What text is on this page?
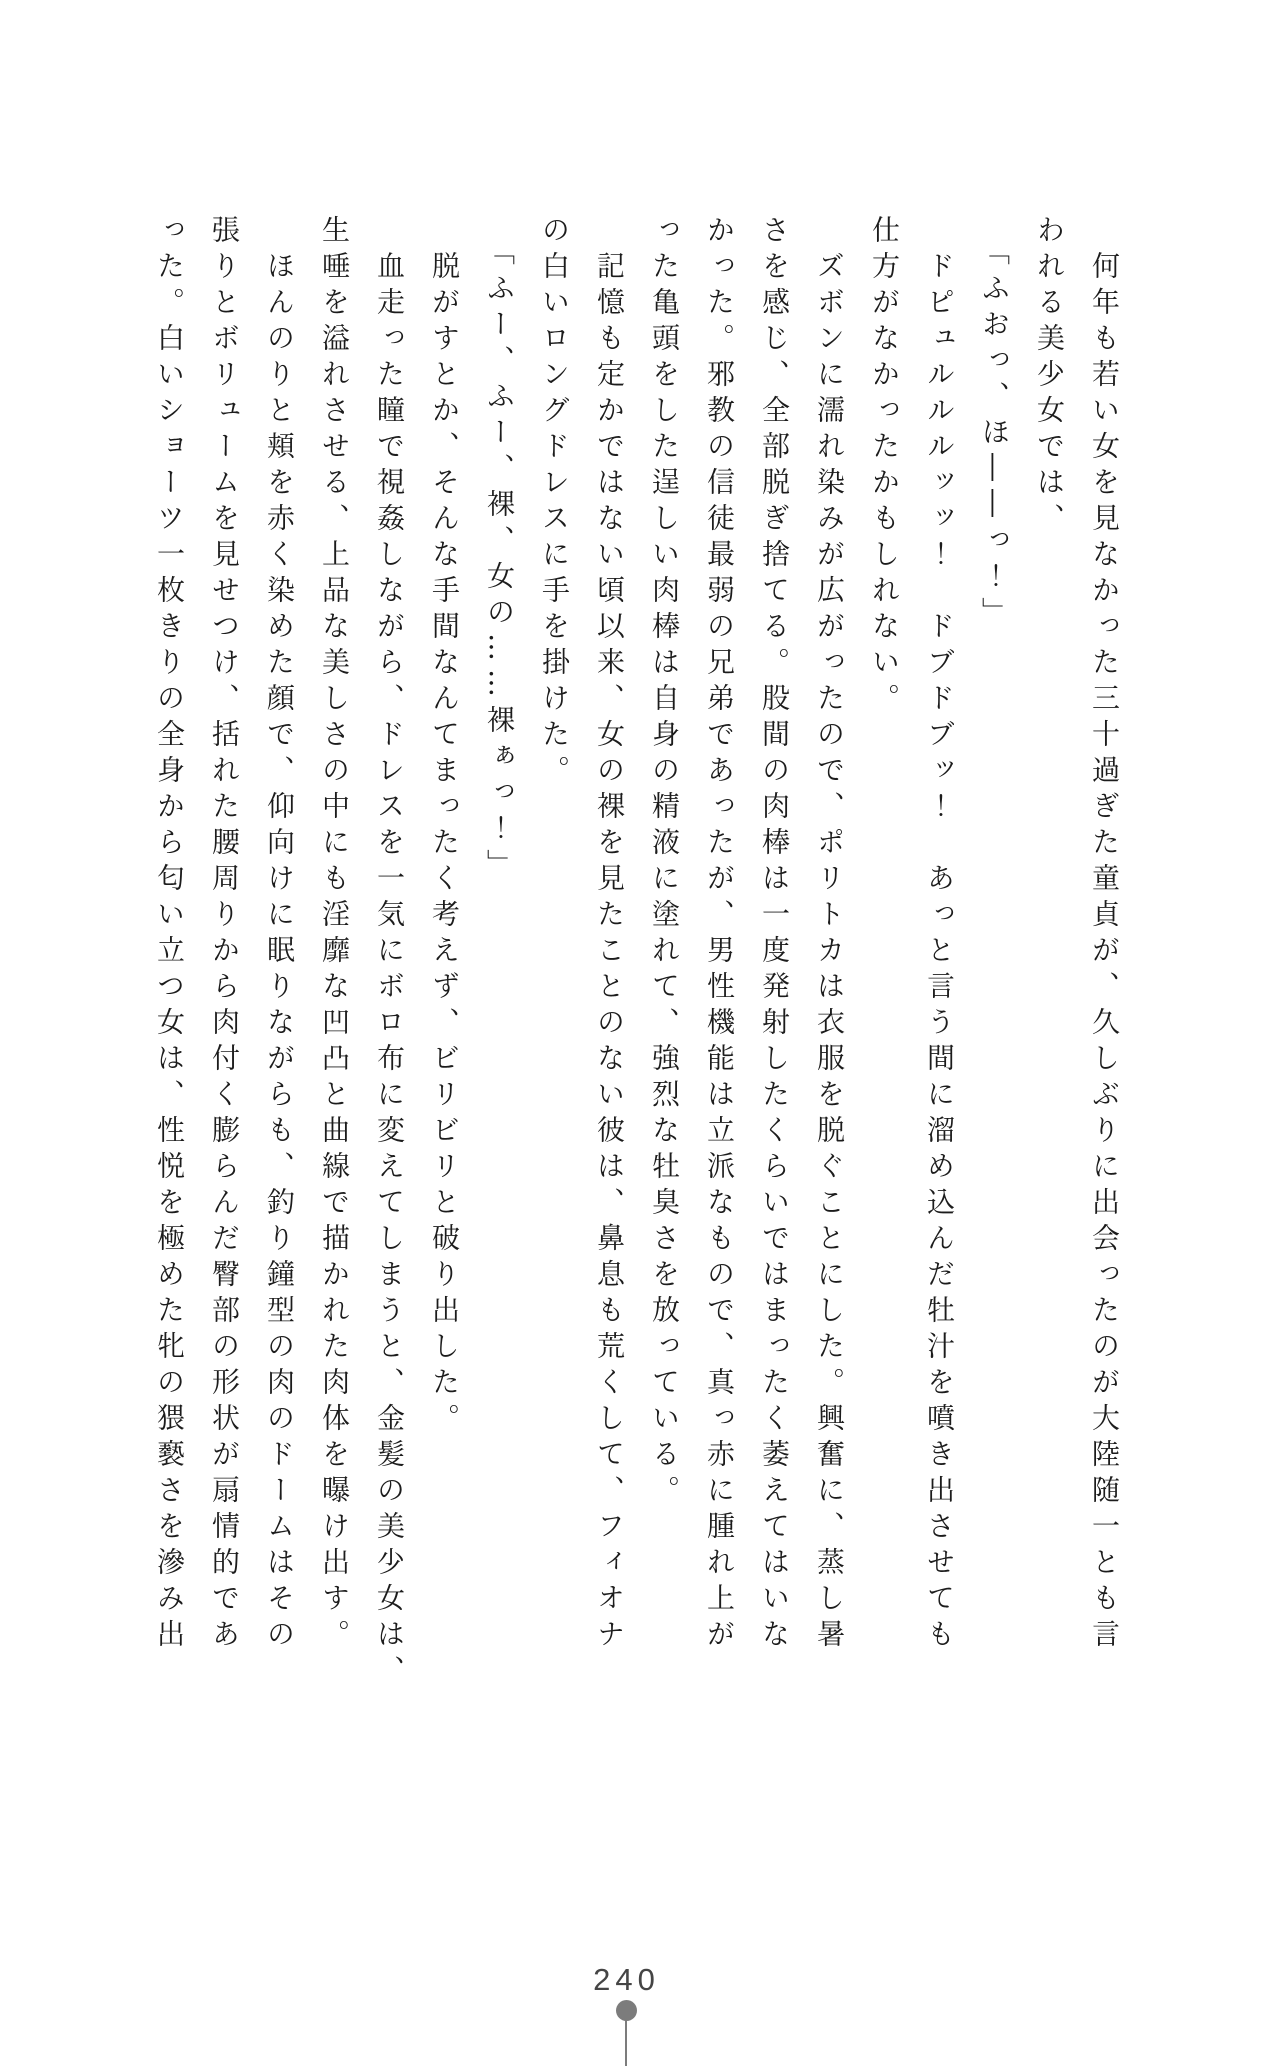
　何年も若い女を見なかった三十過ぎた童貞が、久しぶりに出会ったのが大陸随一とも言

われる美少女では、

　「ふおっ、ほ――っ！」

　ドピュルルルッッ！　ドブドブッ！　あっと言う間に溜め込んだ牡汁を噴き出させても

仕方がなかったかもしれない。

　ズボンに濡れ染みが広がったので、ポリトカは衣服を脱ぐことにした。興奮に、蒸し暑

さを感じ、全部脱ぎ捨てる。股間の肉棒は一度発射したくらいではまったく萎えてはいな

かった。邪教の信徒最弱の兄弟であったが、男性機能は立派なもので、真っ赤に腫れ上が

った亀頭をした逞しい肉棒は自身の精液に塗れて、強烈な牡臭さを放っている。

　記憶も定かではない頃以来、女の裸を見たことのない彼は、鼻息も荒くして、フィオナ

の白いロングドレスに手を掛けた。

　「ふー、ふー、裸、女の……裸ぁっ！」

　脱がすとか、そんな手間なんてまったく考えず、ビリビリと破り出した。

　血走った瞳で視姦しながら、ドレスを一気にボロ布に変えてしまうと、金髪の美少女は、

生唾を溢れさせる、上品な美しさの中にも淫靡な凹凸と曲線で描かれた肉体を曝け出す。

　ほんのりと頬を赤く染めた顔で、仰向けに眠りながらも、釣り鐘型の肉のドームはその

張りとボリュームを見せつけ、括れた腰周りから肉付く膨らんだ臀部の形状が扇情的であ

った。白いショーツ一枚きりの全身から匂い立つ女は、性悦を極めた牝の猥褻さを滲み出

240
